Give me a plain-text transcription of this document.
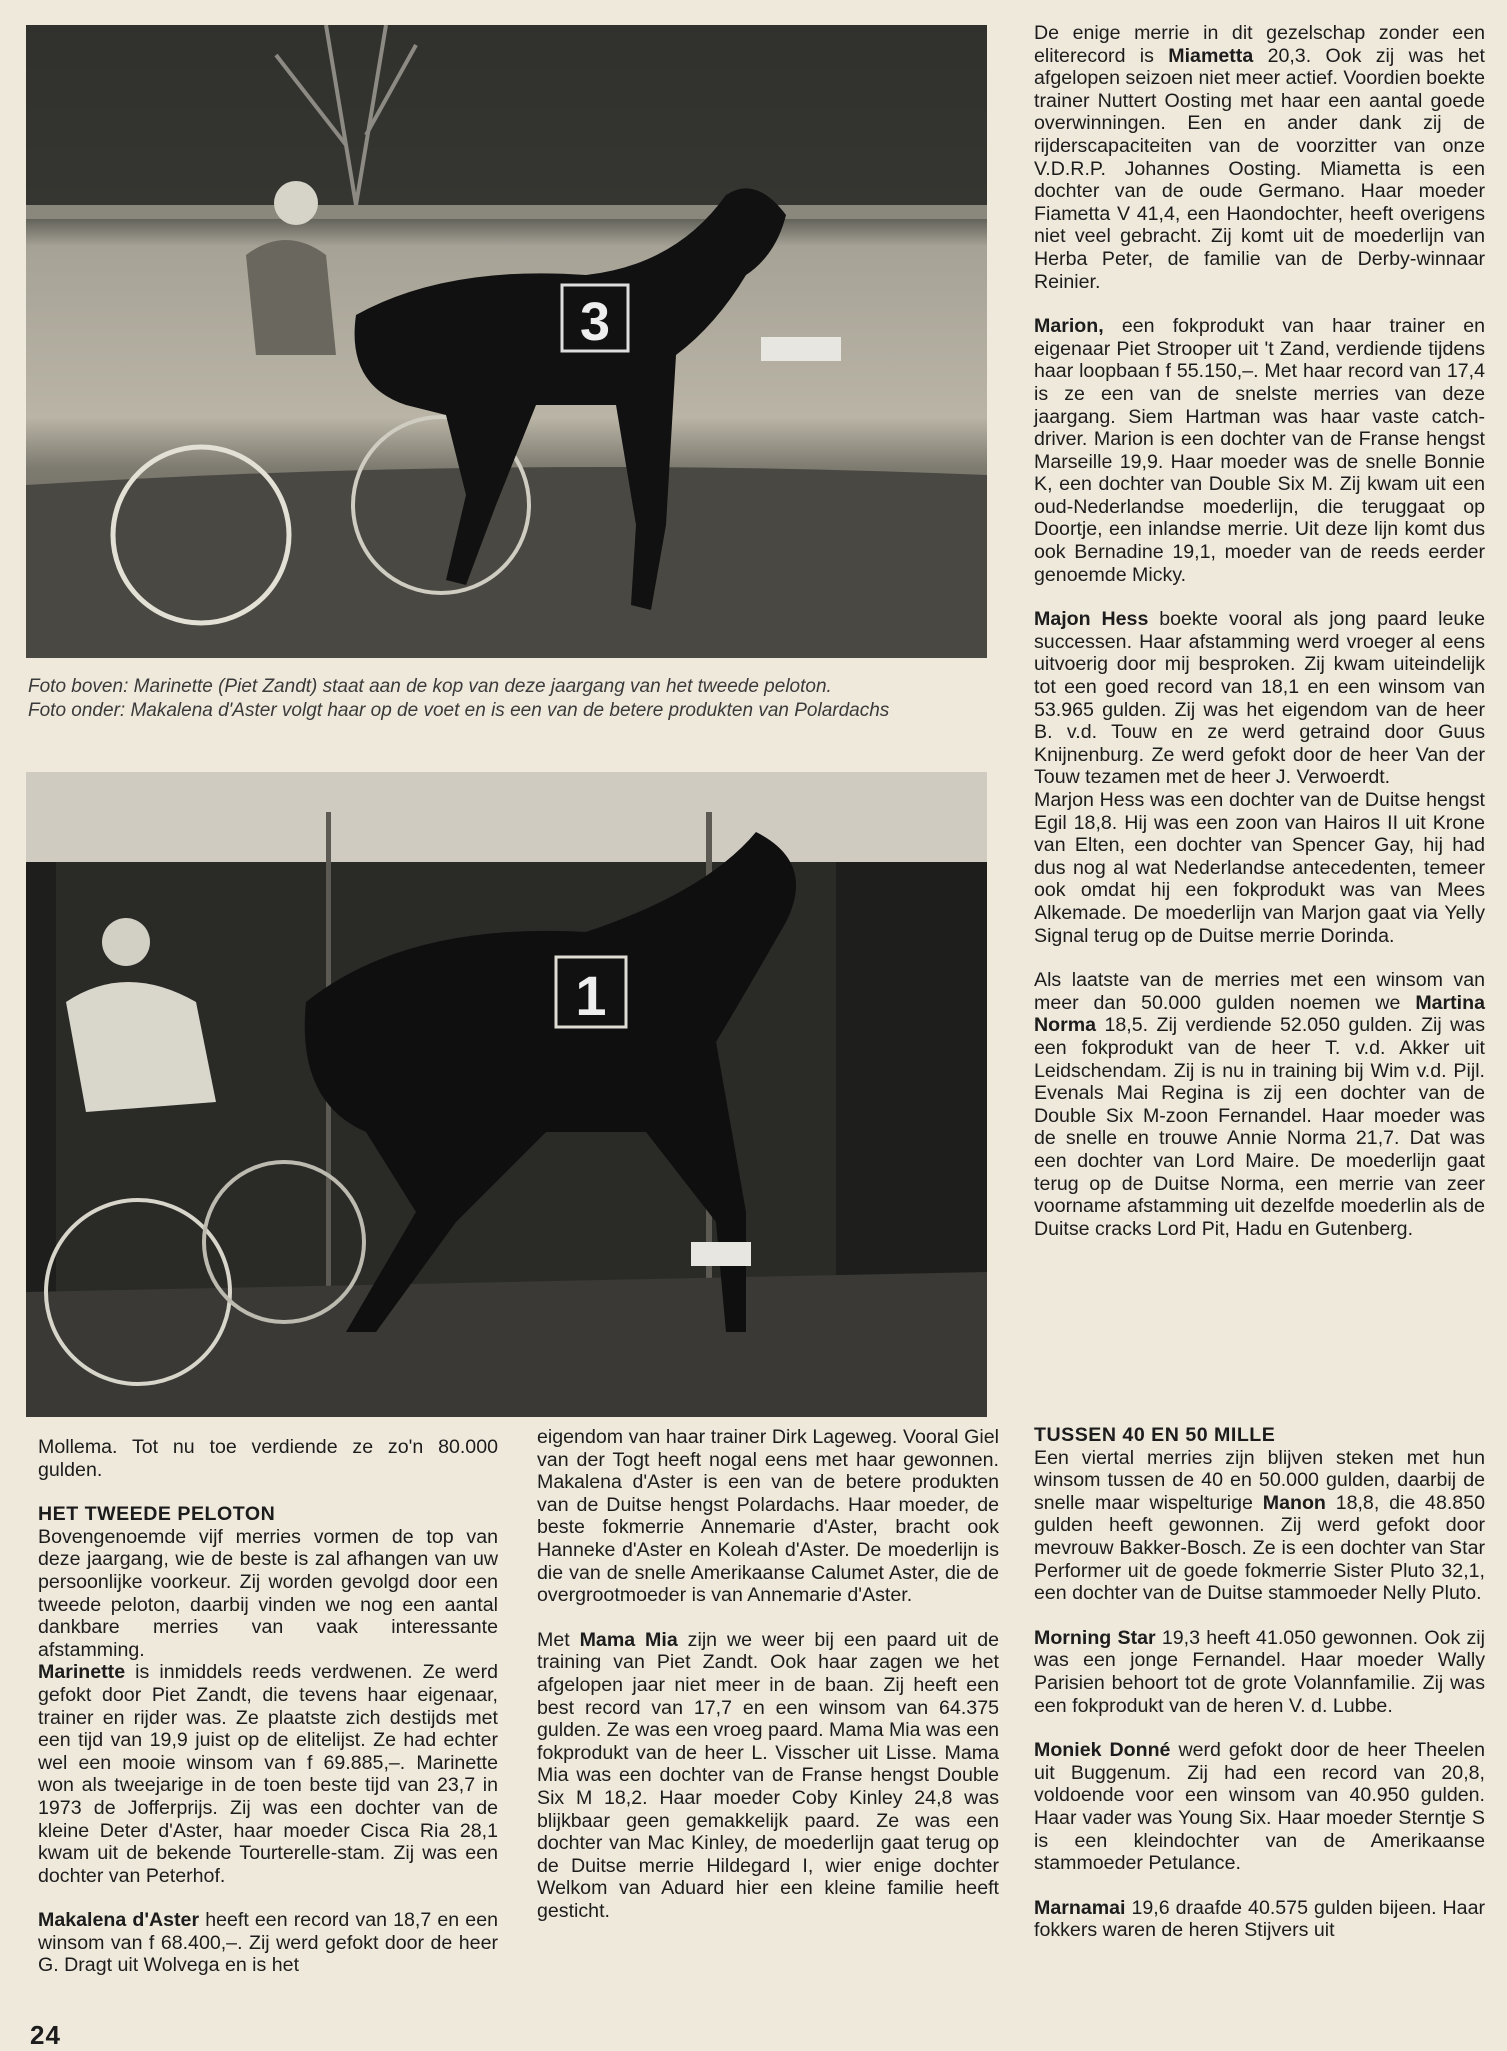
3

Foto boven: Marinette (Piet Zandt) staat aan de kop van deze jaargang van het tweede peloton.

Foto onder: Makalena d'Aster volgt haar op de voet en is een van de betere produkten van Polardachs

1

De enige merrie in dit gezelschap zonder een eliterecord is Miametta 20,3. Ook zij was het afgelopen seizoen niet meer actief. Voordien boekte trainer Nuttert Oosting met haar een aantal goede overwinningen. Een en ander dank zij de rijderscapaciteiten van de voorzitter van onze V.D.R.P. Johannes Oosting. Miametta is een dochter van de oude Germano. Haar moeder Fiametta V 41,4, een Haondochter, heeft overigens niet veel gebracht. Zij komt uit de moederlijn van Herba Peter, de familie van de Derby-winnaar Reinier.

Marion, een fokprodukt van haar trainer en eigenaar Piet Strooper uit 't Zand, verdiende tijdens haar loopbaan f 55.150,–. Met haar record van 17,4 is ze een van de snelste merries van deze jaargang. Siem Hartman was haar vaste catch-driver. Marion is een dochter van de Franse hengst Marseille 19,9. Haar moeder was de snelle Bonnie K, een dochter van Double Six M. Zij kwam uit een oud-Nederlandse moederlijn, die teruggaat op Doortje, een inlandse merrie. Uit deze lijn komt dus ook Bernadine 19,1, moeder van de reeds eerder genoemde Micky.

Majon Hess boekte vooral als jong paard leuke successen. Haar afstamming werd vroeger al eens uitvoerig door mij besproken. Zij kwam uiteindelijk tot een goed record van 18,1 en een winsom van 53.965 gulden. Zij was het eigendom van de heer B. v.d. Touw en ze werd getraind door Guus Knijnenburg. Ze werd gefokt door de heer Van der Touw tezamen met de heer J. Verwoerdt.

Marjon Hess was een dochter van de Duitse hengst Egil 18,8. Hij was een zoon van Hairos II uit Krone van Elten, een dochter van Spencer Gay, hij had dus nog al wat Nederlandse antecedenten, temeer ook omdat hij een fokprodukt was van Mees Alkemade. De moederlijn van Marjon gaat via Yelly Signal terug op de Duitse merrie Dorinda.

Als laatste van de merries met een winsom van meer dan 50.000 gulden noemen we Martina Norma 18,5. Zij verdiende 52.050 gulden. Zij was een fokprodukt van de heer T. v.d. Akker uit Leidschendam. Zij is nu in training bij Wim v.d. Pijl. Evenals Mai Regina is zij een dochter van de Double Six M-zoon Fernandel. Haar moeder was de snelle en trouwe Annie Norma 21,7. Dat was een dochter van Lord Maire. De moederlijn gaat terug op de Duitse Norma, een merrie van zeer voorname afstamming uit dezelfde moederlin als de Duitse cracks Lord Pit, Hadu en Gutenberg.

Mollema. Tot nu toe verdiende ze zo'n 80.000 gulden.

HET TWEEDE PELOTON

Bovengenoemde vijf merries vormen de top van deze jaargang, wie de beste is zal afhangen van uw persoonlijke voorkeur. Zij worden gevolgd door een tweede peloton, daarbij vinden we nog een aantal dankbare merries van vaak interessante afstamming.

Marinette is inmiddels reeds verdwenen. Ze werd gefokt door Piet Zandt, die tevens haar eigenaar, trainer en rijder was. Ze plaatste zich destijds met een tijd van 19,9 juist op de elitelijst. Ze had echter wel een mooie winsom van f 69.885,–. Marinette won als tweejarige in de toen beste tijd van 23,7 in 1973 de Jofferprijs. Zij was een dochter van de kleine Deter d'Aster, haar moeder Cisca Ria 28,1 kwam uit de bekende Tourterelle-stam. Zij was een dochter van Peterhof.

Makalena d'Aster heeft een record van 18,7 en een winsom van f 68.400,–. Zij werd gefokt door de heer G. Dragt uit Wolvega en is het

eigendom van haar trainer Dirk Lageweg. Vooral Giel van der Togt heeft nogal eens met haar gewonnen. Makalena d'Aster is een van de betere produkten van de Duitse hengst Polardachs. Haar moeder, de beste fokmerrie Annemarie d'Aster, bracht ook Hanneke d'Aster en Koleah d'Aster. De moederlijn is die van de snelle Amerikaanse Calumet Aster, die de overgrootmoeder is van Annemarie d'Aster.

Met Mama Mia zijn we weer bij een paard uit de training van Piet Zandt. Ook haar zagen we het afgelopen jaar niet meer in de baan. Zij heeft een best record van 17,7 en een winsom van 64.375 gulden. Ze was een vroeg paard. Mama Mia was een fokprodukt van de heer L. Visscher uit Lisse. Mama Mia was een dochter van de Franse hengst Double Six M 18,2. Haar moeder Coby Kinley 24,8 was blijkbaar geen gemakkelijk paard. Ze was een dochter van Mac Kinley, de moederlijn gaat terug op de Duitse merrie Hildegard I, wier enige dochter Welkom van Aduard hier een kleine familie heeft gesticht.

TUSSEN 40 EN 50 MILLE

Een viertal merries zijn blijven steken met hun winsom tussen de 40 en 50.000 gulden, daarbij de snelle maar wispelturige Manon 18,8, die 48.850 gulden heeft gewonnen. Zij werd gefokt door mevrouw Bakker-Bosch. Ze is een dochter van Star Performer uit de goede fokmerrie Sister Pluto 32,1, een dochter van de Duitse stammoeder Nelly Pluto.

Morning Star 19,3 heeft 41.050 gewonnen. Ook zij was een jonge Fernandel. Haar moeder Wally Parisien behoort tot de grote Volannfamilie. Zij was een fokprodukt van de heren V. d. Lubbe.

Moniek Donné werd gefokt door de heer Theelen uit Buggenum. Zij had een record van 20,8, voldoende voor een winsom van 40.950 gulden. Haar vader was Young Six. Haar moeder Sterntje S is een kleindochter van de Amerikaanse stammoeder Petulance.

Marnamai 19,6 draafde 40.575 gulden bijeen. Haar fokkers waren de heren Stijvers uit

24
